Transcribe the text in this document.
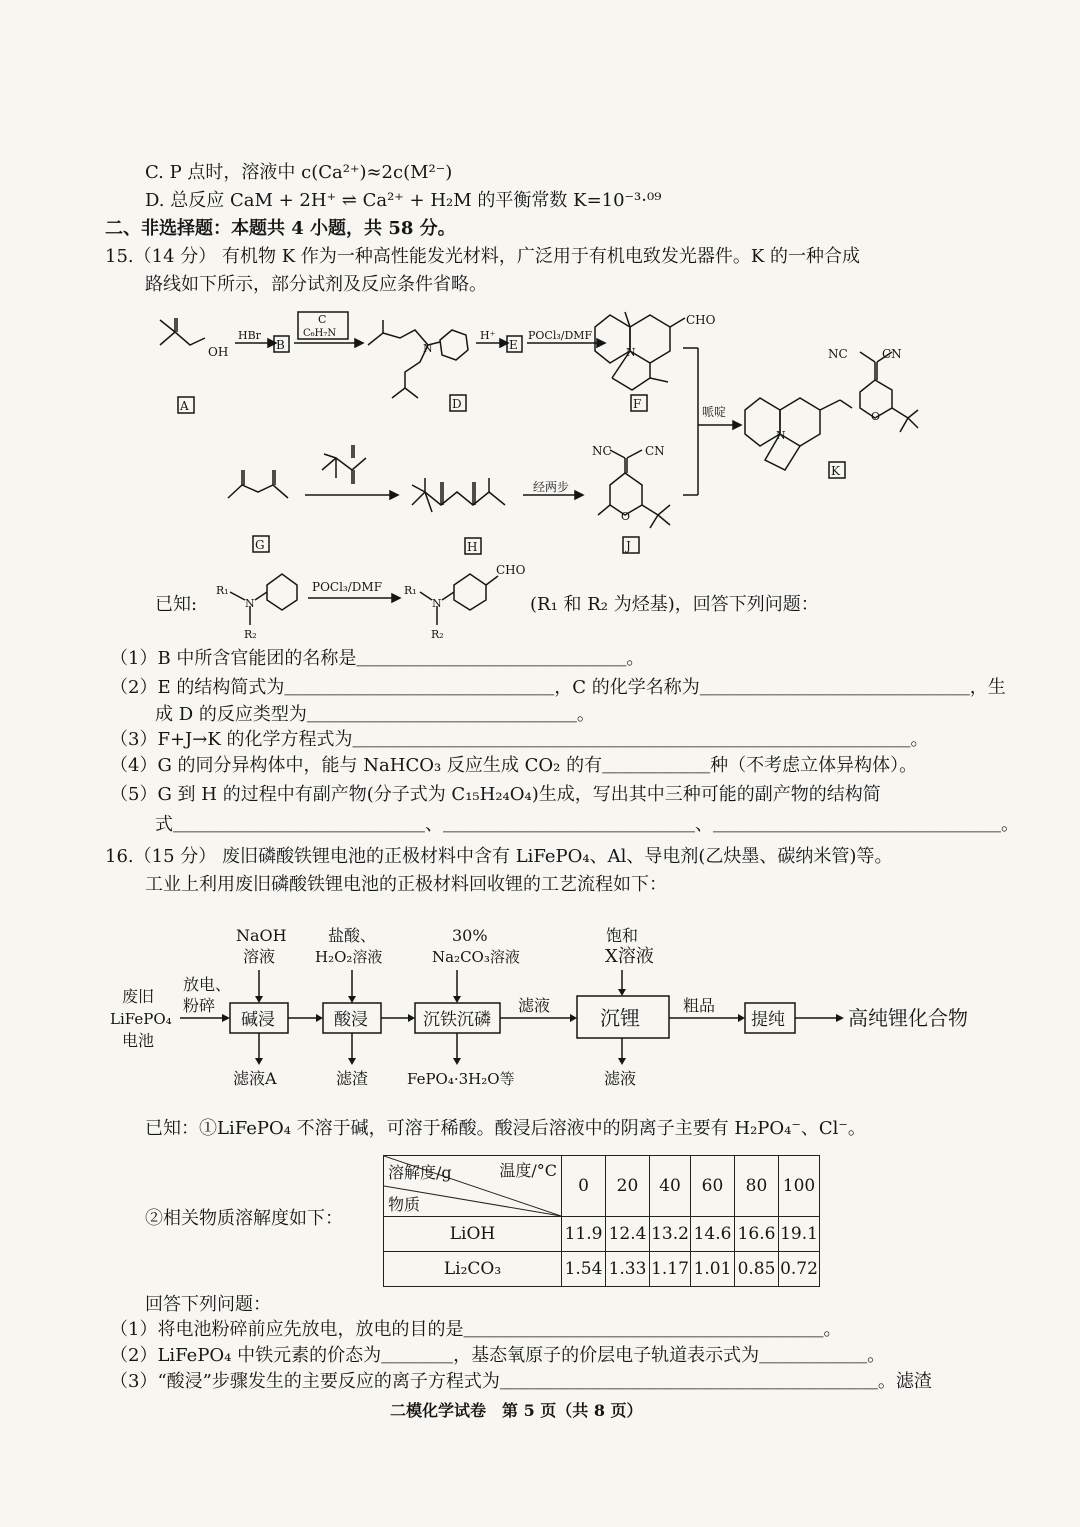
C. P 点时，溶液中 c(Ca²⁺)≈2c(M²⁻)
D. 总反应 CaM + 2H⁺ ⇌ Ca²⁺ + H₂M 的平衡常数 K=10⁻³·⁰⁹
二、非选择题：本题共 4 小题，共 58 分。
15.（14 分） 有机物 K 作为一种高性能发光材料，广泛用于有机电致发光器件。K 的一种合成
路线如下所示，部分试剂及反应条件省略。
OH
HBr
B
C
C₆H₇N
N
H⁺
E
POCl₃/DMF
CHO
N
哌啶
NC	CN
O
N
K
经两步
NC	CN
O
A	D	F
G	H	J
已知:
R₁
N
R₂
POCl₃/DMF R₁
N
R₂
CHO
(R₁ 和 R₂ 为烃基)，回答下列问题：
（1）B 中所含官能团的名称是＿＿＿＿＿＿＿＿＿＿＿＿＿＿＿。
（2）E 的结构简式为＿＿＿＿＿＿＿＿＿＿＿＿＿＿＿，C 的化学名称为＿＿＿＿＿＿＿＿＿＿＿＿＿＿＿，生
成 D 的反应类型为＿＿＿＿＿＿＿＿＿＿＿＿＿＿＿。
（3）F+J→K 的化学方程式为＿＿＿＿＿＿＿＿＿＿＿＿＿＿＿＿＿＿＿＿＿＿＿＿＿＿＿＿＿＿＿。
（4）G 的同分异构体中，能与 NaHCO₃ 反应生成 CO₂ 的有＿＿＿＿＿＿种（不考虑立体异构体）。
（5）G 到 H 的过程中有副产物(分子式为 C₁₅H₂₄O₄)生成，写出其中三种可能的副产物的结构简
式＿＿＿＿＿＿＿＿＿＿＿＿＿＿、＿＿＿＿＿＿＿＿＿＿＿＿＿＿、＿＿＿＿＿＿＿＿＿＿＿＿＿＿＿＿。
16.（15 分） 废旧磷酸铁锂电池的正极材料中含有 LiFePO₄、Al、导电剂(乙炔墨、碳纳米管)等。
工业上利用废旧磷酸铁锂电池的正极材料回收锂的工艺流程如下：
废旧
LiFePO₄
电池
放电、
粉碎
NaOH
溶液
盐酸、
H₂O₂溶液
30%
Na₂CO₃溶液
饱和
X溶液
碱浸	酸浸	沉铁沉磷
滤液
沉锂
粗品
提纯	高纯锂化合物
滤液A	滤渣	FePO₄·3H₂O等	滤液
已知：①LiFePO₄ 不溶于碱，可溶于稀酸。酸浸后溶液中的阴离子主要有 H₂PO₄⁻、Cl⁻。
②相关物质溶解度如下：
溶解度/g 温度/°C
物质	0	20	40	60	80	100
LiOH	11.9	12.4	13.2	14.6	16.6	19.1
Li₂CO₃	1.54	1.33	1.17	1.01	0.85	0.72
回答下列问题：
（1）将电池粉碎前应先放电，放电的目的是＿＿＿＿＿＿＿＿＿＿＿＿＿＿＿＿＿＿＿＿。
（2）LiFePO₄ 中铁元素的价态为＿＿＿＿，基态氧原子的价层电子轨道表示式为＿＿＿＿＿＿。
（3）“酸浸”步骤发生的主要反应的离子方程式为＿＿＿＿＿＿＿＿＿＿＿＿＿＿＿＿＿＿＿＿＿。滤渣
二模化学试卷　第 5 页（共 8 页）
